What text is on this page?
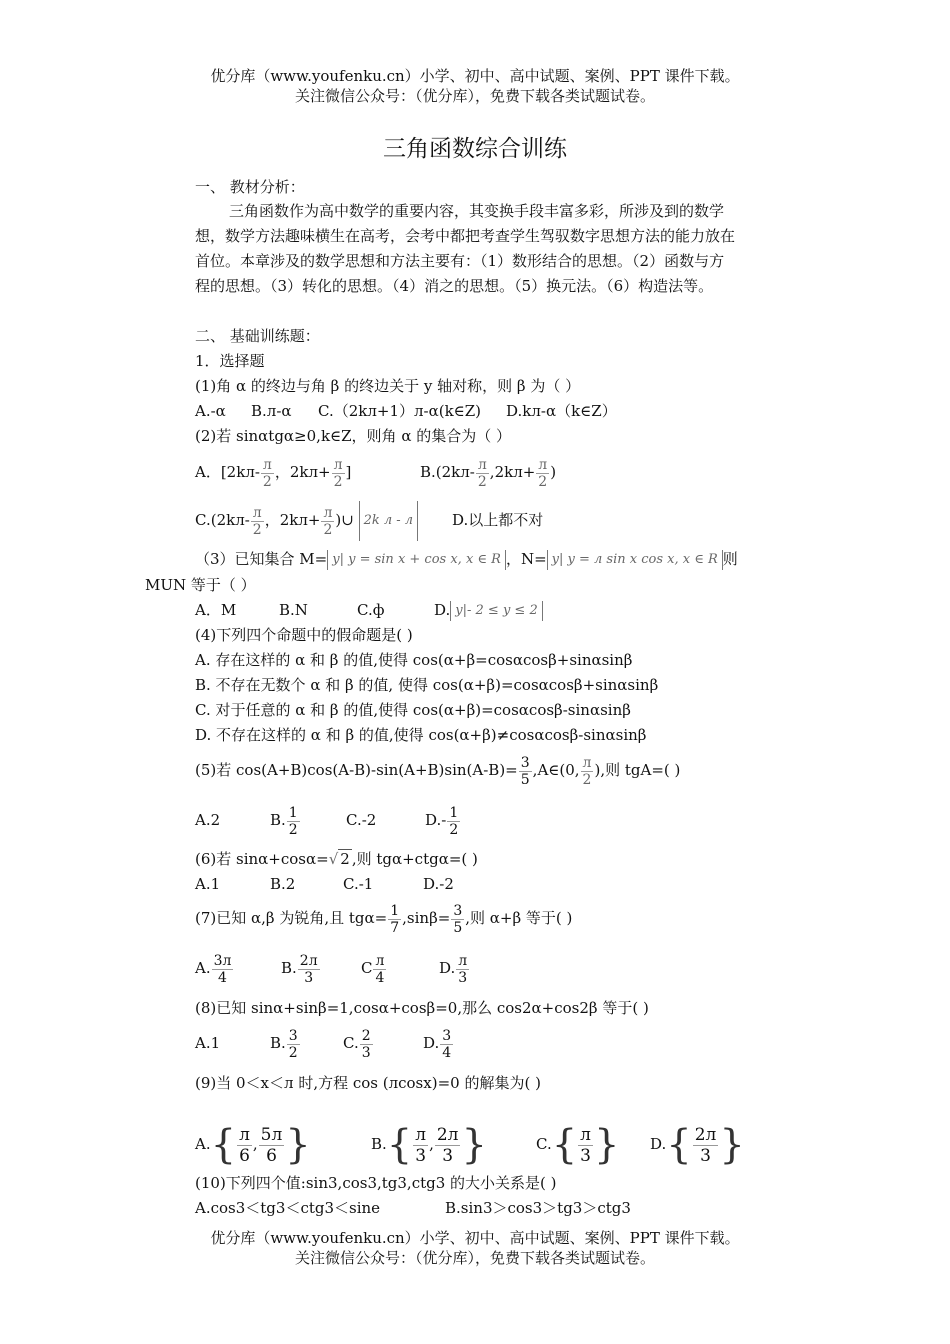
优分库（www.youfenku.cn）小学、初中、高中试题、案例、PPT 课件下载。
关注微信公众号：（优分库），免费下载各类试题试卷。
三角函数综合训练
一、 教材分析：
三角函数作为高中数学的重要内容，其变换手段丰富多彩，所涉及到的数学
想，数学方法趣味横生在高考，会考中都把考查学生驾驭数字思想方法的能力放在
首位。本章涉及的数学思想和方法主要有：（1）数形结合的思想。（2）函数与方
程的思想。（3）转化的思想。（4）消之的思想。（5）换元法。（6）构造法等。
二、 基础训练题：
1．选择题
(1)角 α 的终边与角 β 的终边关于 y 轴对称，则 β 为（ ）
A.-α B.л-α C.（2kл+1）л-α(k∈Z) D.kл-α（k∈Z）
(2)若 sinαtgα≥0,k∈Z，则角 α 的集合为（ ）
A．[$2kл- \frac{л}{2}$ ，$2kл+ \frac{л}{2}$ ]	$B.(2kл- \frac{л}{2} ,2kл+ \frac{л}{2}$ )
$C.(2kл- \frac{л}{2}$ ，$2kл+ \frac{л}{2}$ )∪ 2k л - л	D.以上都不对
（3）已知集合 M= y| y = sin x + cos x, x ∈ R ，N= y| y = л sin x cos x, x ∈ R 则
MUN 等于（ ）
A．M	B.N	C.ф	D. y|- 2 ≤ y ≤ 2
(4)下列四个命题中的假命题是( )
A. 存在这样的 α 和 β 的值,使得 cos(α+β=cosαcosβ+sinαsinβ
B. 不存在无数个 α 和 β 的值, 使得 cos(α+β)=cosαcosβ+sinαsinβ
C. 对于任意的 α 和 β 的值,使得 cos(α+β)=cosαcosβ-sinαsinβ
D. 不存在这样的 α 和 β 的值,使得 cos(α+β)≠cosαcosβ-sinαsinβ
(5)若 $\cos(A+B)\cos(A-B)-\sin(A+B)\sin(A-B)= \frac{3}{5}$ ,A∈(0, $\frac{л}{2}$ ),则 tgA=( )
A.2	B. $\frac{1}{2}$	C.-2	$D.- \frac{1}{2}$
(6)若 sinα+cosα=√ 2 ,则 tgα+ctgα=( )
A.1	B.2	C.-1	D.-2
(7)已知 α,β 为锐角,且 $tg\alpha= \frac{1}{7} ,\sin\beta= \frac{3}{5}$ ,则 α+β 等于( )
A. $\frac{3л}{4}$	B. $\frac{2л}{3}$	C $\frac{л}{4}$	D. $\frac{л}{3}$
(8)已知 sinα+sinβ=1,cosα+cosβ=0,那么 cos2α+cos2β 等于( )
A.1	B. $\frac{3}{2}$	C. $\frac{2}{3}$	D. $\frac{3}{4}$
(9)当 0＜x＜л 时,方程 cos (лcosx)=0 的解集为( )
$A.\{ \frac{л}{6}$ , $\frac{5л}{6}$ }	$B.\{ \frac{л}{3}$ , $\frac{2л}{3}$ }	$C.\{ \frac{л}{3}$ } $D.\{ \frac{2л}{3}$ }
(10)下列四个值:sin3,cos3,tg3,ctg3 的大小关系是( )
A.cos3＜tg3＜ctg3＜sine	B.sin3＞cos3＞tg3＞ctg3
优分库（www.youfenku.cn）小学、初中、高中试题、案例、PPT 课件下载。
关注微信公众号：（优分库），免费下载各类试题试卷。
